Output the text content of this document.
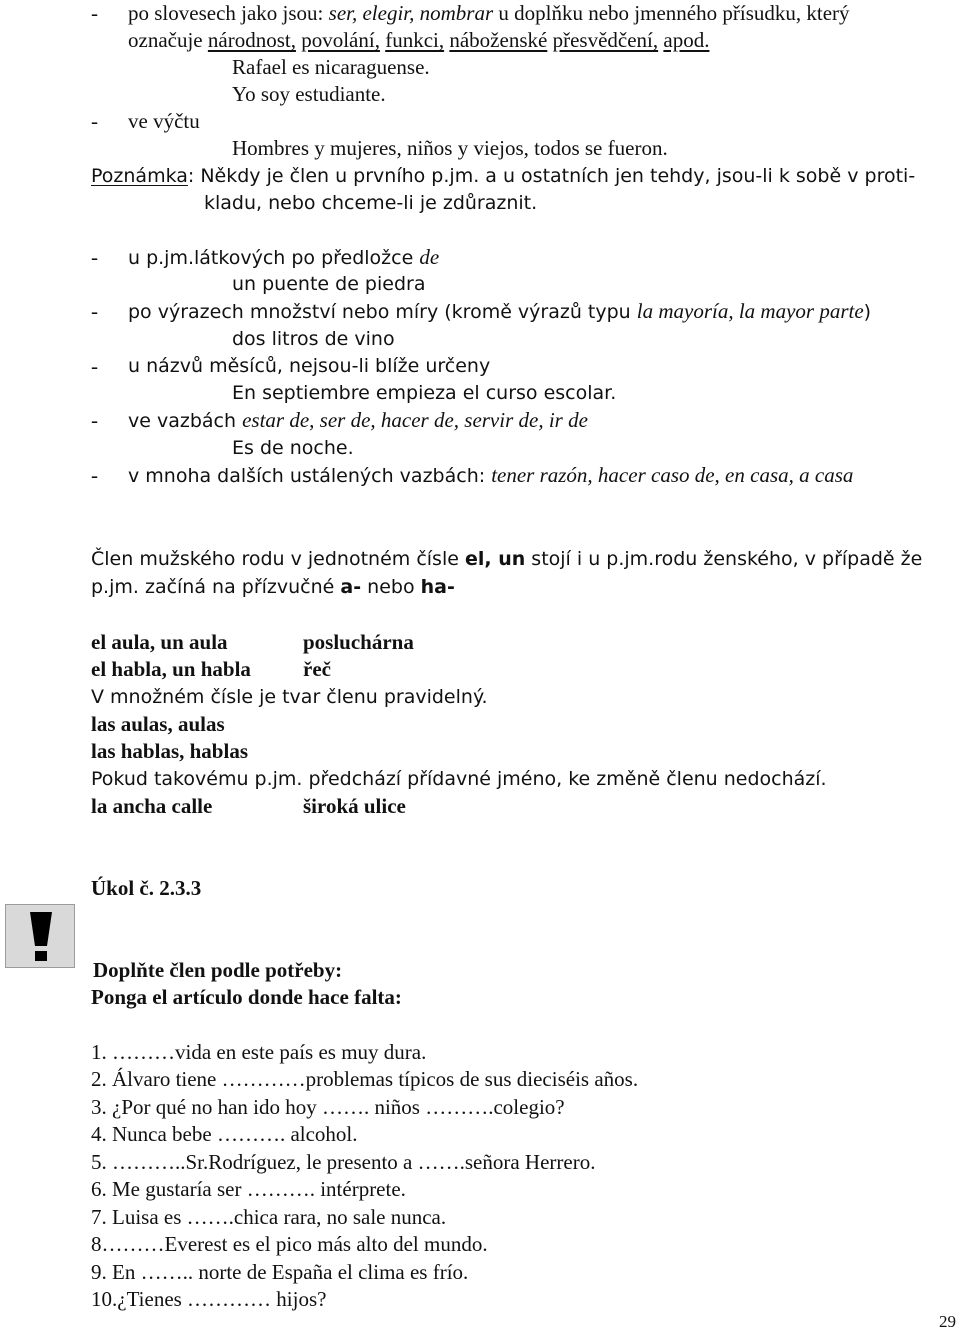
- po slovesech jako jsou: ser, elegir, nombrar u doplňku nebo jmenného přísudku, který
označuje národnost, povolání, funkci, náboženské přesvědčení, apod.
Rafael es nicaraguense.
Yo soy estudiante.
- ve výčtu
Hombres y mujeres, niños y viejos, todos se fueron.
Poznámka: Někdy je člen u prvního p.jm. a u ostatních jen tehdy, jsou-li k sobě v proti-
kladu, nebo chceme-li je zdůraznit.
- u p.jm.látkových po předložce de
un puente de piedra
- po výrazech množství nebo míry (kromě výrazů typu la mayoría, la mayor parte)
dos litros de vino
- u názvů měsíců, nejsou-li blíže určeny
En septiembre empieza el curso escolar.
- ve vazbách estar de, ser de, hacer de, servir de, ir de
Es de noche.
- v mnoha dalších ustálených vazbách: tener razón, hacer caso de, en casa, a casa
Člen mužského rodu v jednotném čísle el, un stojí i u p.jm.rodu ženského, v případě že
p.jm. začíná na přízvučné a- nebo ha-
el aula, un aula	posluchárna
el habla, un habla řeč
V množném čísle je tvar členu pravidelný.
las aulas, aulas
las hablas, hablas
Pokud takovému p.jm. předchází přídavné jméno, ke změně členu nedochází.
la ancha calle	široká ulice
Úkol č. 2.3.3
Doplňte člen podle potřeby:
Ponga el artículo donde hace falta:
1. ………vida en este país es muy dura.
2. Álvaro tiene …………problemas típicos de sus dieciséis años.
3. ¿Por qué no han ido hoy ……. niños ……….colegio?
4. Nunca bebe ………. alcohol.
5. ………..Sr.Rodríguez, le presento a …….señora Herrero.
6. Me gustaría ser ………. intérprete.
7. Luisa es …….chica rara, no sale nunca.
8………Everest es el pico más alto del mundo.
9. En …….. norte de España el clima es frío.
10.¿Tienes ………… hijos?
29
